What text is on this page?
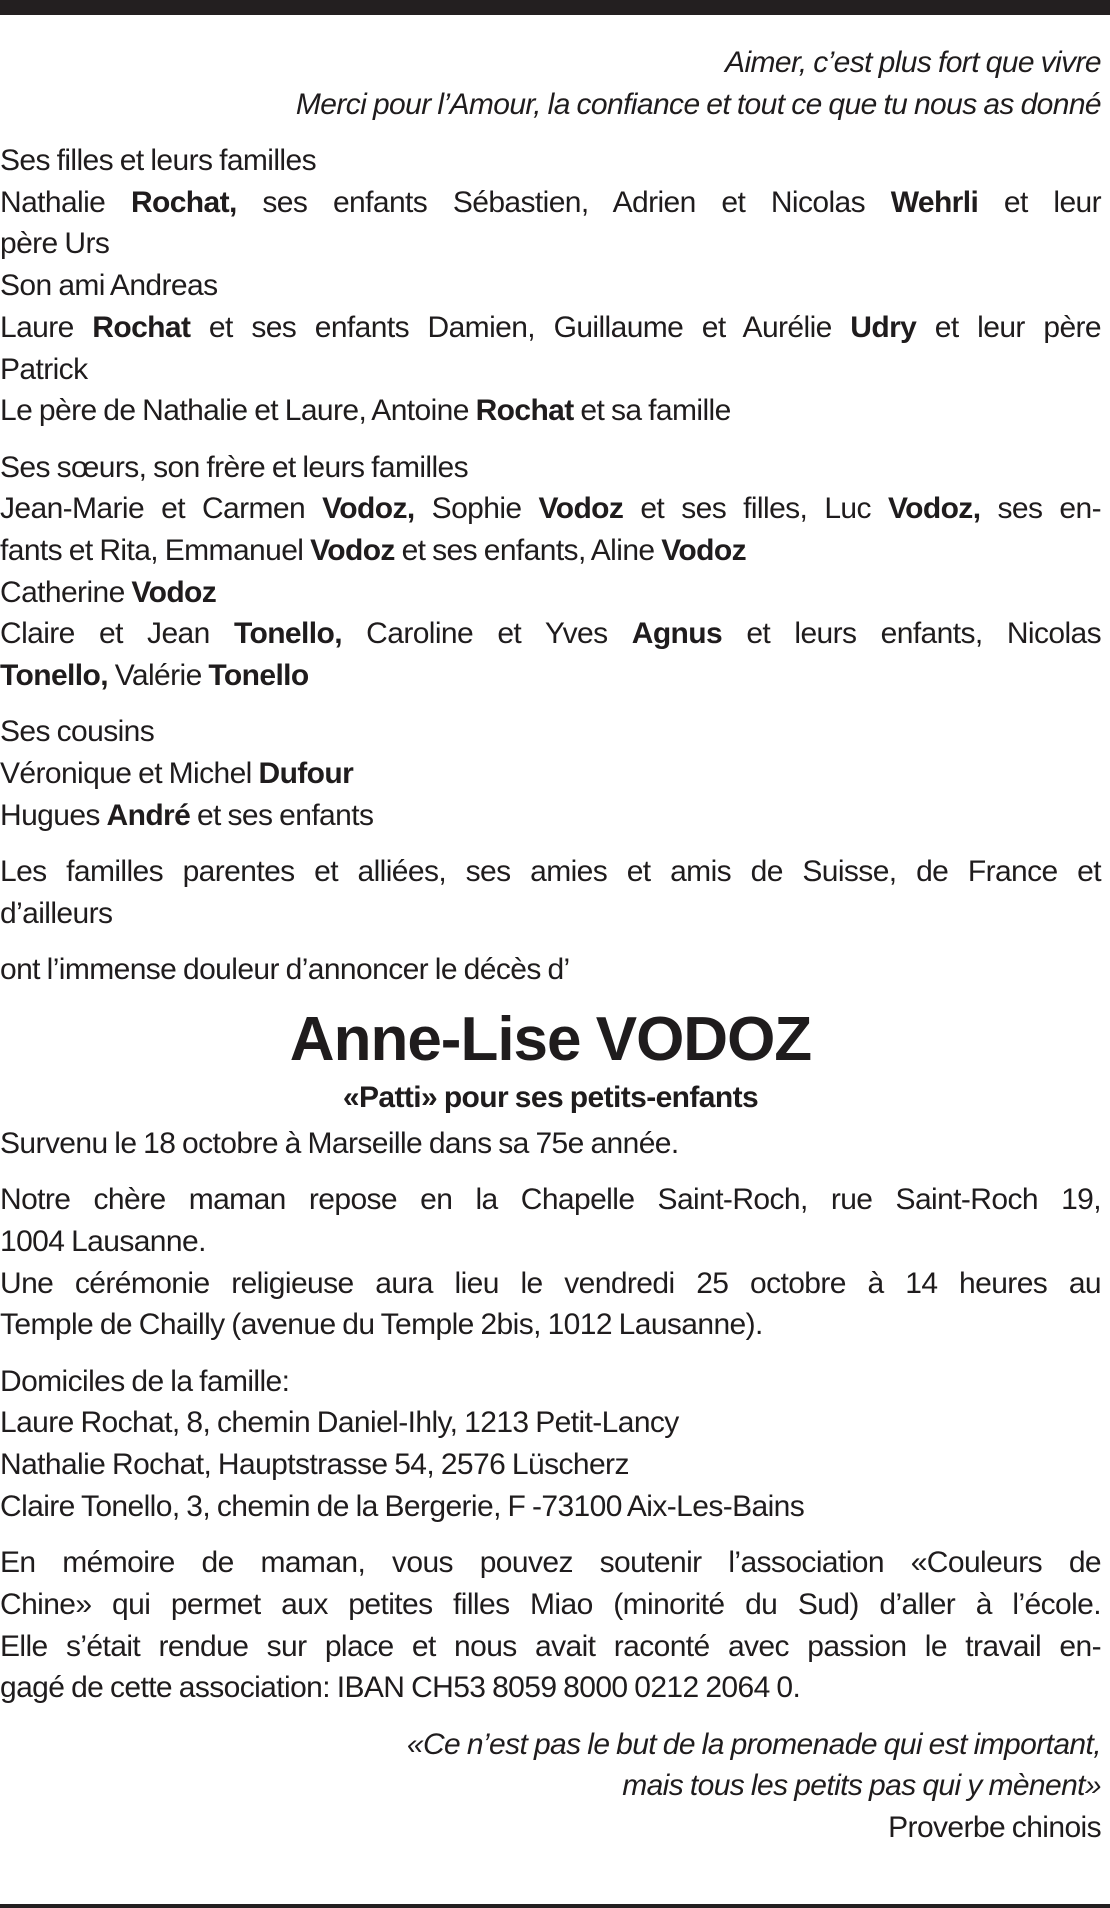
Aimer, c’est plus fort que vivre
Merci pour l’Amour, la confiance et tout ce que tu nous as donné
Ses filles et leurs familles
Nathalie Rochat, ses enfants Sébastien, Adrien et Nicolas Wehrli et leur
père Urs
Son ami Andreas
Laure Rochat et ses enfants Damien, Guillaume et Aurélie Udry et leur père
Patrick
Le père de Nathalie et Laure, Antoine Rochat et sa famille
Ses sœurs, son frère et leurs familles
Jean-Marie et Carmen Vodoz, Sophie Vodoz et ses filles, Luc Vodoz, ses en-
fants et Rita, Emmanuel Vodoz et ses enfants, Aline Vodoz
Catherine Vodoz
Claire et Jean Tonello, Caroline et Yves Agnus et leurs enfants, Nicolas
Tonello, Valérie Tonello
Ses cousins
Véronique et Michel Dufour
Hugues André et ses enfants
Les familles parentes et alliées, ses amies et amis de Suisse, de France et
d’ailleurs
ont l’immense douleur d’annoncer le décès d’
Anne-Lise VODOZ
«Patti» pour ses petits-enfants
Survenu le 18 octobre à Marseille dans sa 75e année.
Notre chère maman repose en la Chapelle Saint-Roch, rue Saint-Roch 19,
1004 Lausanne.
Une cérémonie religieuse aura lieu le vendredi 25 octobre à 14 heures au
Temple de Chailly (avenue du Temple 2bis, 1012 Lausanne).
Domiciles de la famille:
Laure Rochat, 8, chemin Daniel-Ihly, 1213 Petit-Lancy
Nathalie Rochat, Hauptstrasse 54, 2576 Lüscherz
Claire Tonello, 3, chemin de la Bergerie, F -73100 Aix-Les-Bains
En mémoire de maman, vous pouvez soutenir l’association «Couleurs de
Chine» qui permet aux petites filles Miao (minorité du Sud) d’aller à l’école.
Elle s’était rendue sur place et nous avait raconté avec passion le travail en-
gagé de cette association: IBAN CH53 8059 8000 0212 2064 0.
«Ce n’est pas le but de la promenade qui est important,
mais tous les petits pas qui y mènent»
Proverbe chinois
